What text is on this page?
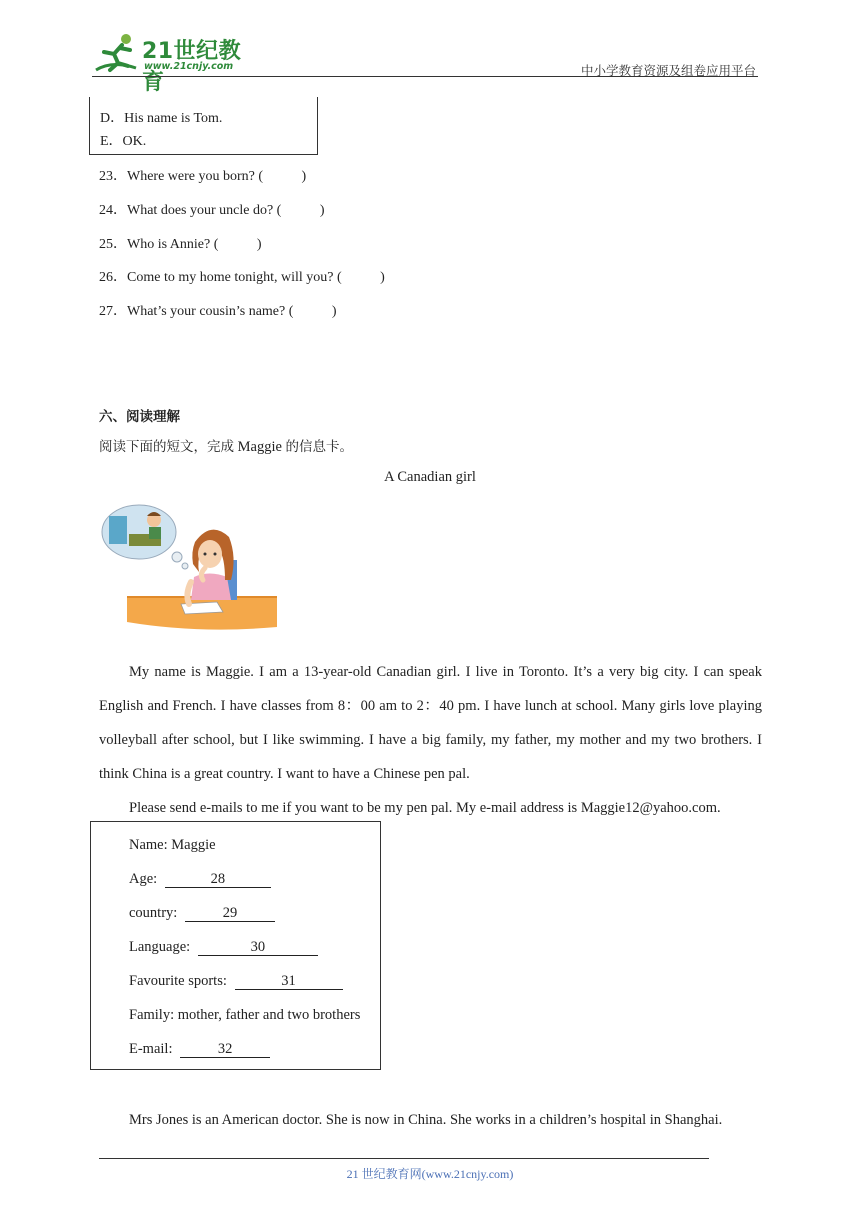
21世纪教育
www.21cnjy.com	中小学教育资源及组卷应用平台
D．His name is Tom.
E．OK.
23．Where were you born? (           )
24．What does your uncle do? (           )
25．Who is Annie? (           )
26．Come to my home tonight, will you? (           )
27．What’s your cousin’s name? (           )
六、阅读理解
阅读下面的短文，完成 Maggie 的信息卡。
A Canadian girl

My name is Maggie. I am a 13-year-old Canadian girl. I live in Toronto. It’s a very big city. I can speak English and French. I have classes from 8：00 am to 2：40 pm. I have lunch at school. Many girls love playing volleyball after school, but I like swimming. I have a big family, my father, my mother and my two brothers. I think China is a great country. I want to have a Chinese pen pal.

Please send e-mails to me if you want to be my pen pal. My e-mail address is Maggie12@yahoo.com.

Name: Maggie
Age:	28
country:	29
Language:	30
Favourite sports:	31
Family: mother, father and two brothers
E-mail:	32
Mrs Jones is an American doctor. She is now in China. She works in a children’s hospital in Shanghai.
21 世纪教育网(www.21cnjy.com)
